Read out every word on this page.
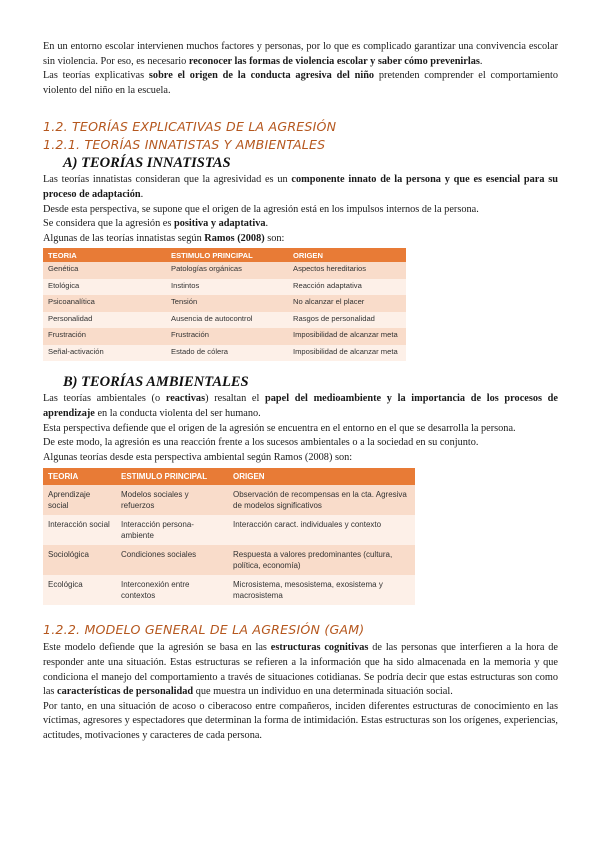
En un entorno escolar intervienen muchos factores y personas, por lo que es complicado garantizar una convivencia escolar sin violencia. Por eso, es necesario reconocer las formas de violencia escolar y saber cómo prevenirlas.

Las teorías explicativas sobre el origen de la conducta agresiva del niño pretenden comprender el comportamiento violento del niño en la escuela.

1.2. TEORÍAS EXPLICATIVAS DE LA AGRESIÓN
1.2.1. TEORÍAS INNATISTAS Y AMBIENTALES
A) TEORÍAS INNATISTAS

Las teorías innatistas consideran que la agresividad es un componente innato de la persona y que es esencial para su proceso de adaptación.

Desde esta perspectiva, se supone que el origen de la agresión está en los impulsos internos de la persona.

Se considera que la agresión es positiva y adaptativa.

Algunas de las teorías innatistas según Ramos (2008) son:

TEORIA	ESTIMULO PRINCIPAL	ORIGEN
Genética	Patologías orgánicas	Aspectos hereditarios
Etológica	Instintos	Reacción adaptativa
Psicoanalítica	Tensión	No alcanzar el placer
Personalidad	Ausencia de autocontrol	Rasgos de personalidad
Frustración	Frustración	Imposibilidad de alcanzar meta
Señal-activación	Estado de cólera	Imposibilidad de alcanzar meta
B) TEORÍAS AMBIENTALES

Las teorías ambientales (o reactivas) resaltan el papel del medioambiente y la importancia de los procesos de aprendizaje en la conducta violenta del ser humano.

Esta perspectiva defiende que el origen de la agresión se encuentra en el entorno en el que se desarrolla la persona.

De este modo, la agresión es una reacción frente a los sucesos ambientales o a la sociedad en su conjunto.

Algunas teorías desde esta perspectiva ambiental según Ramos (2008) son:

TEORIA	ESTIMULO PRINCIPAL	ORIGEN
Aprendizaje social	Modelos sociales y refuerzos	Observación de recompensas en la cta. Agresiva de modelos significativos
Interacción social	Interacción persona-ambiente	Interacción caract. individuales y contexto
Sociológica	Condiciones sociales	Respuesta a valores predominantes (cultura, política, economía)
Ecológica	Interconexión entre contextos	Microsistema, mesosistema, exosistema y macrosistema
1.2.2. MODELO GENERAL DE LA AGRESIÓN (GAM)

Este modelo defiende que la agresión se basa en las estructuras cognitivas de las personas que interfieren a la hora de responder ante una situación. Estas estructuras se refieren a la información que ha sido almacenada en la memoria y que condiciona el manejo del comportamiento a través de situaciones cotidianas. Se podría decir que estas estructuras son como las características de personalidad que muestra un individuo en una determinada situación social.

Por tanto, en una situación de acoso o ciberacoso entre compañeros, inciden diferentes estructuras de conocimiento en las víctimas, agresores y espectadores que determinan la forma de intimidación. Estas estructuras son los orígenes, experiencias, actitudes, motivaciones y caracteres de cada persona.
